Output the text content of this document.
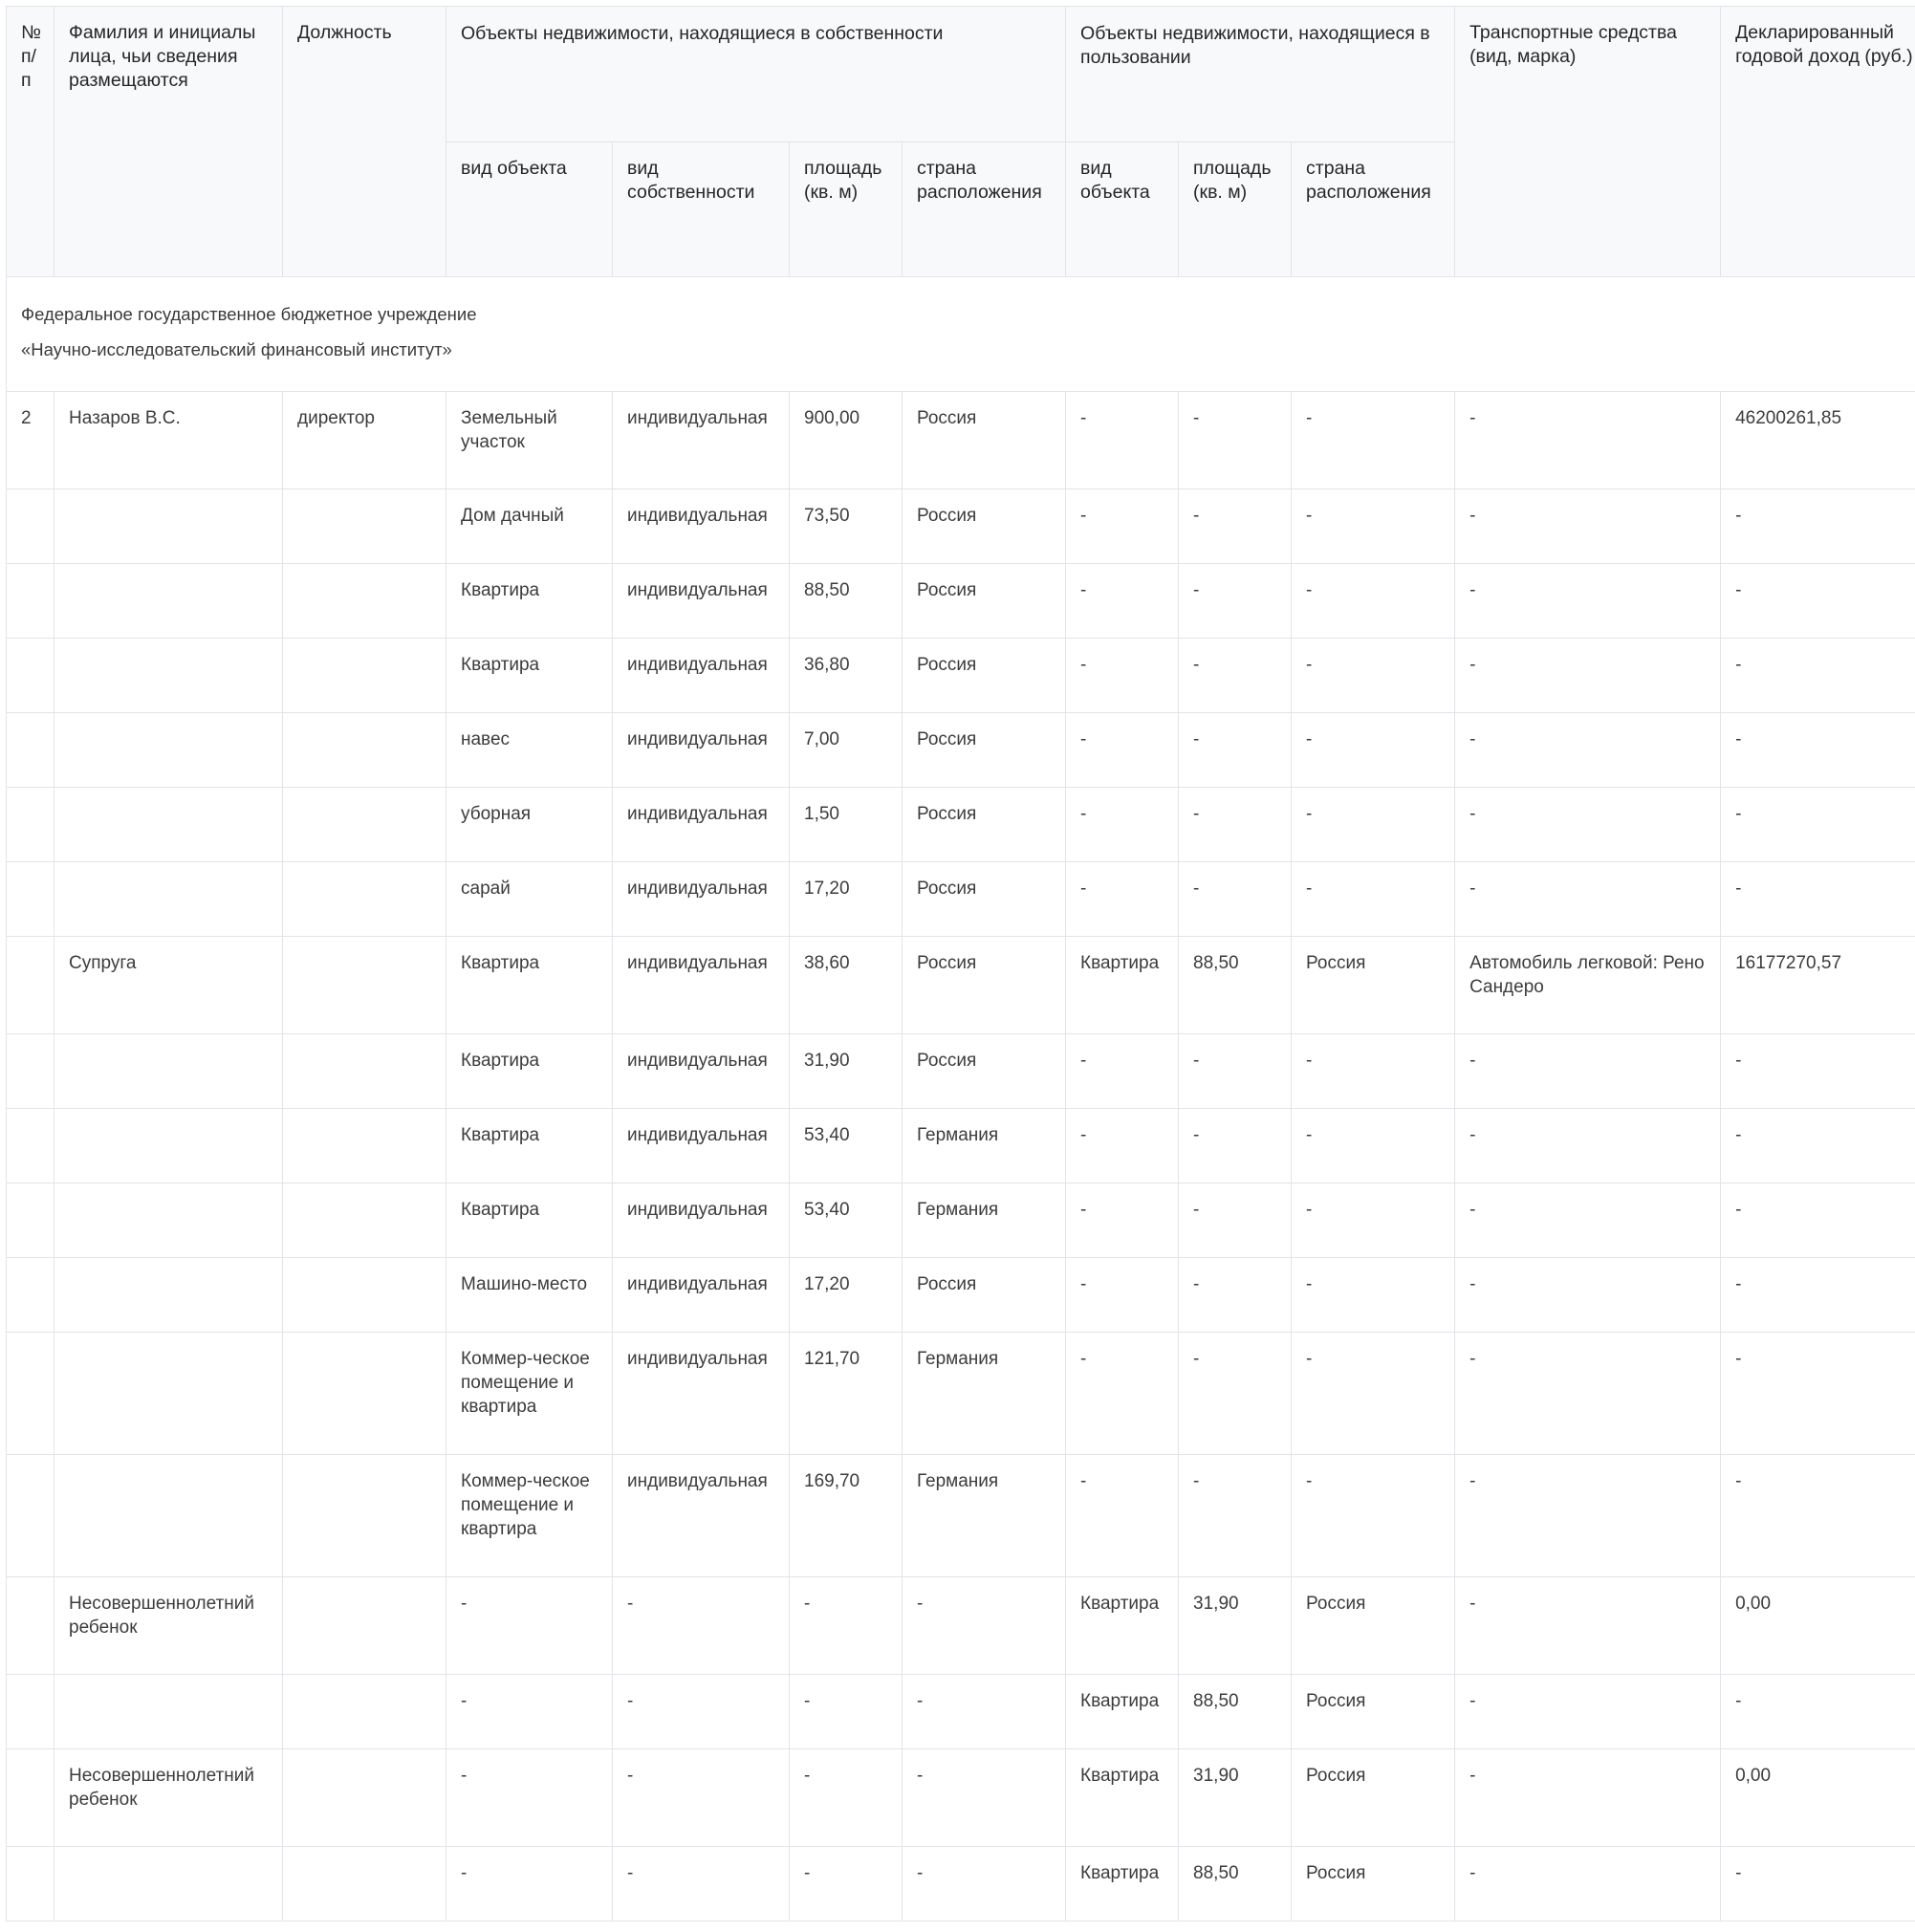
№ п/п	Фамилия и инициалы лица, чьи сведения размещаются	Должность	Объекты недвижимости, находящиеся в собственности				Объекты недвижимости, находящиеся в пользовании			Транспортные средства (вид, марка)	Декларированный годовой доход (руб.)
			вид объекта	вид собственности	площадь (кв. м)	страна расположения	вид объекта	площадь (кв. м)	страна расположения		

Федеральное государственное бюджетное учреждение
«Научно-исследовательский финансовый институт»											

2	Назаров В.С.	директор	Земельный участок	индивидуальная	900,00	Россия	-	-	-	-	46200261,85
			Дом дачный	индивидуальная	73,50	Россия	-	-	-	-	-
			Квартира	индивидуальная	88,50	Россия	-	-	-	-	-
			Квартира	индивидуальная	36,80	Россия	-	-	-	-	-
			навес	индивидуальная	7,00	Россия	-	-	-	-	-
			уборная	индивидуальная	1,50	Россия	-	-	-	-	-
			сарай	индивидуальная	17,20	Россия	-	-	-	-	-
	Супруга		Квартира	индивидуальная	38,60	Россия	Квартира	88,50	Россия	Автомобиль легковой: Рено Сандеро	16177270,57
			Квартира	индивидуальная	31,90	Россия	-	-	-	-	-
			Квартира	индивидуальная	53,40	Германия	-	-	-	-	-
			Квартира	индивидуальная	53,40	Германия	-	-	-	-	-
			Машино-место	индивидуальная	17,20	Россия	-	-	-	-	-
			Коммер-ческое помещение и квартира	индивидуальная	121,70	Германия	-	-	-	-	-
			Коммер-ческое помещение и квартира	индивидуальная	169,70	Германия	-	-	-	-	-
	Несовершеннолетний ребенок		-	-	-	-	Квартира	31,90	Россия	-	0,00
			-	-	-	-	Квартира	88,50	Россия	-	-
	Несовершеннолетний ребенок		-	-	-	-	Квартира	31,90	Россия	-	0,00
			-	-	-	-	Квартира	88,50	Россия	-	-
